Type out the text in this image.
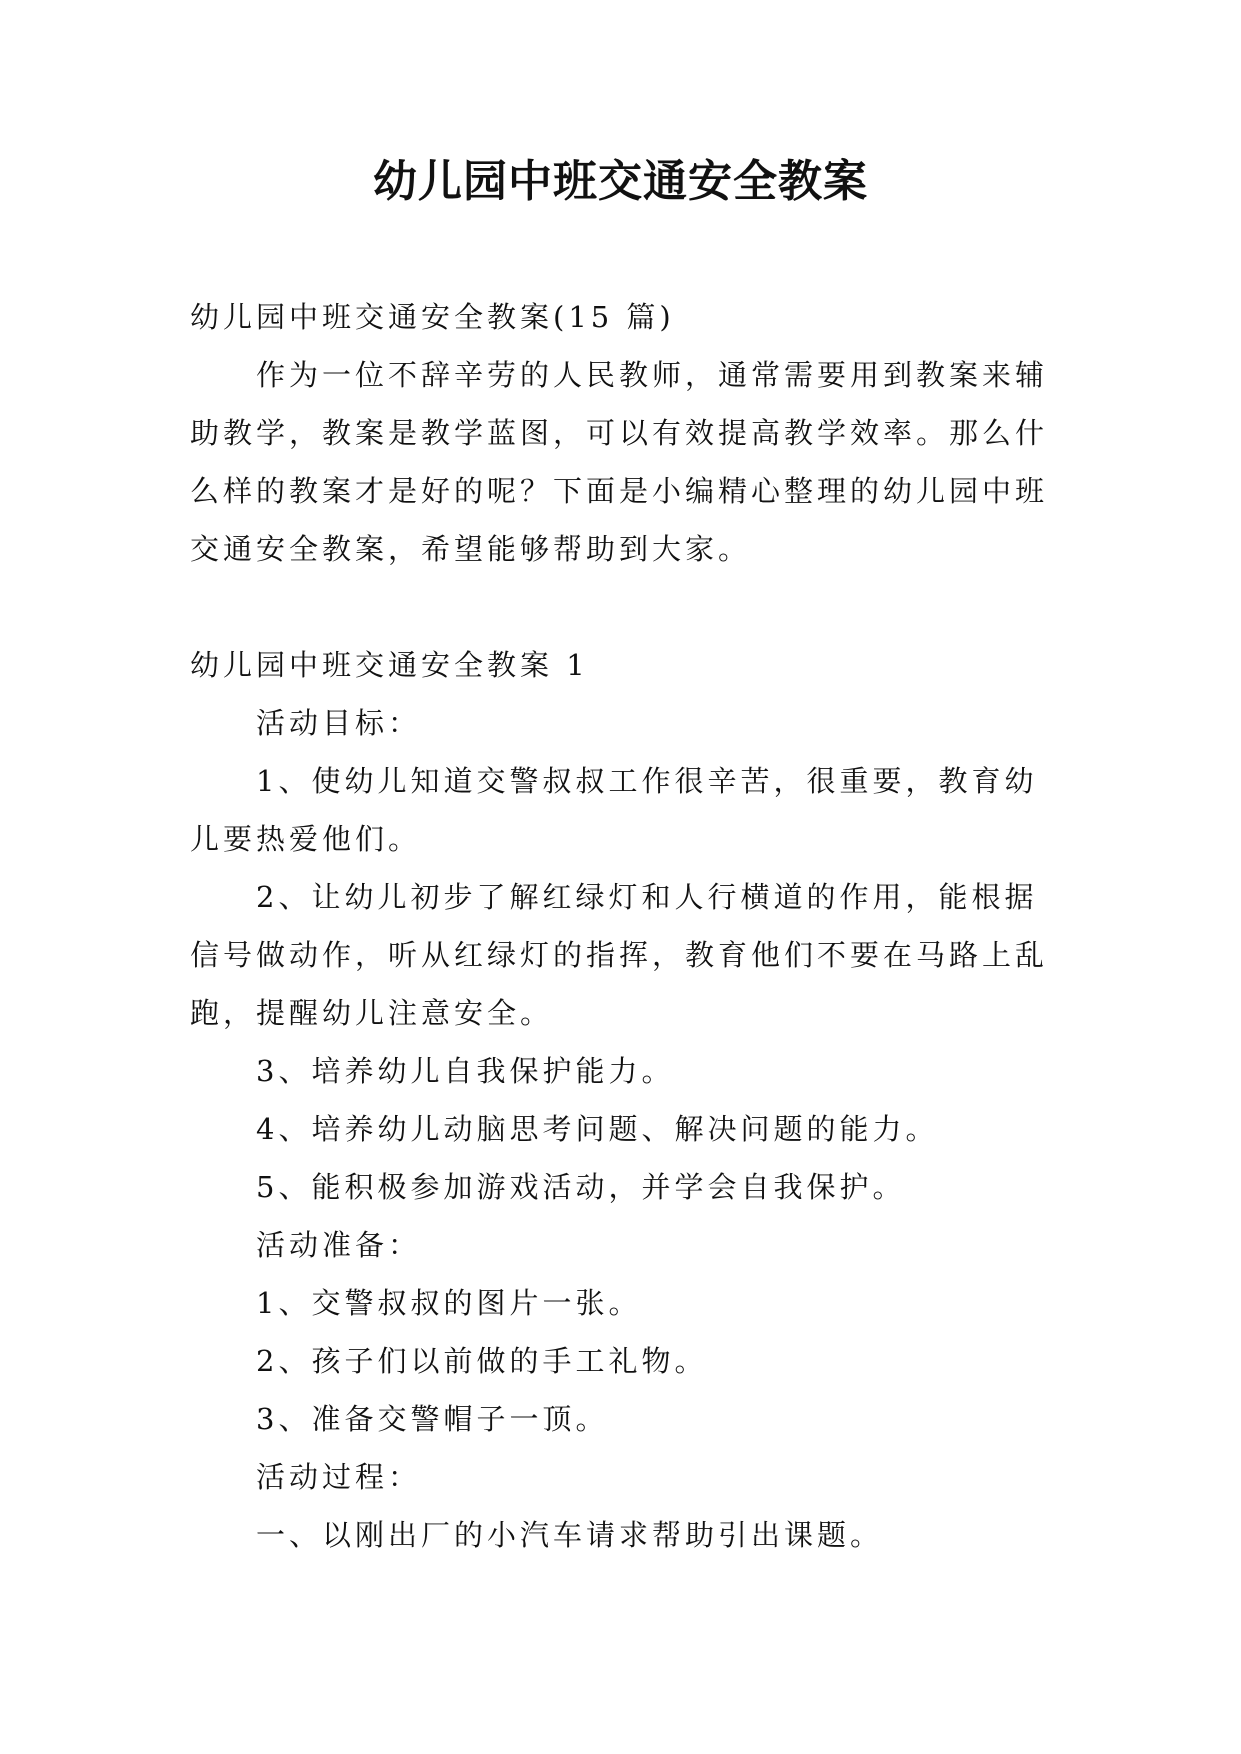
幼儿园中班交通安全教案

幼儿园中班交通安全教案(15 篇)

作为一位不辞辛劳的人民教师，通常需要用到教案来辅助教学，教案是教学蓝图，可以有效提高教学效率。那么什么样的教案才是好的呢？下面是小编精心整理的幼儿园中班交通安全教案，希望能够帮助到大家。

幼儿园中班交通安全教案 1

活动目标：

1、使幼儿知道交警叔叔工作很辛苦，很重要，教育幼儿要热爱他们。

2、让幼儿初步了解红绿灯和人行横道的作用，能根据信号做动作，听从红绿灯的指挥，教育他们不要在马路上乱跑，提醒幼儿注意安全。

3、培养幼儿自我保护能力。

4、培养幼儿动脑思考问题、解决问题的能力。

5、能积极参加游戏活动，并学会自我保护。

活动准备：

1、交警叔叔的图片一张。

2、孩子们以前做的手工礼物。

3、准备交警帽子一顶。

活动过程：

一、以刚出厂的小汽车请求帮助引出课题。
